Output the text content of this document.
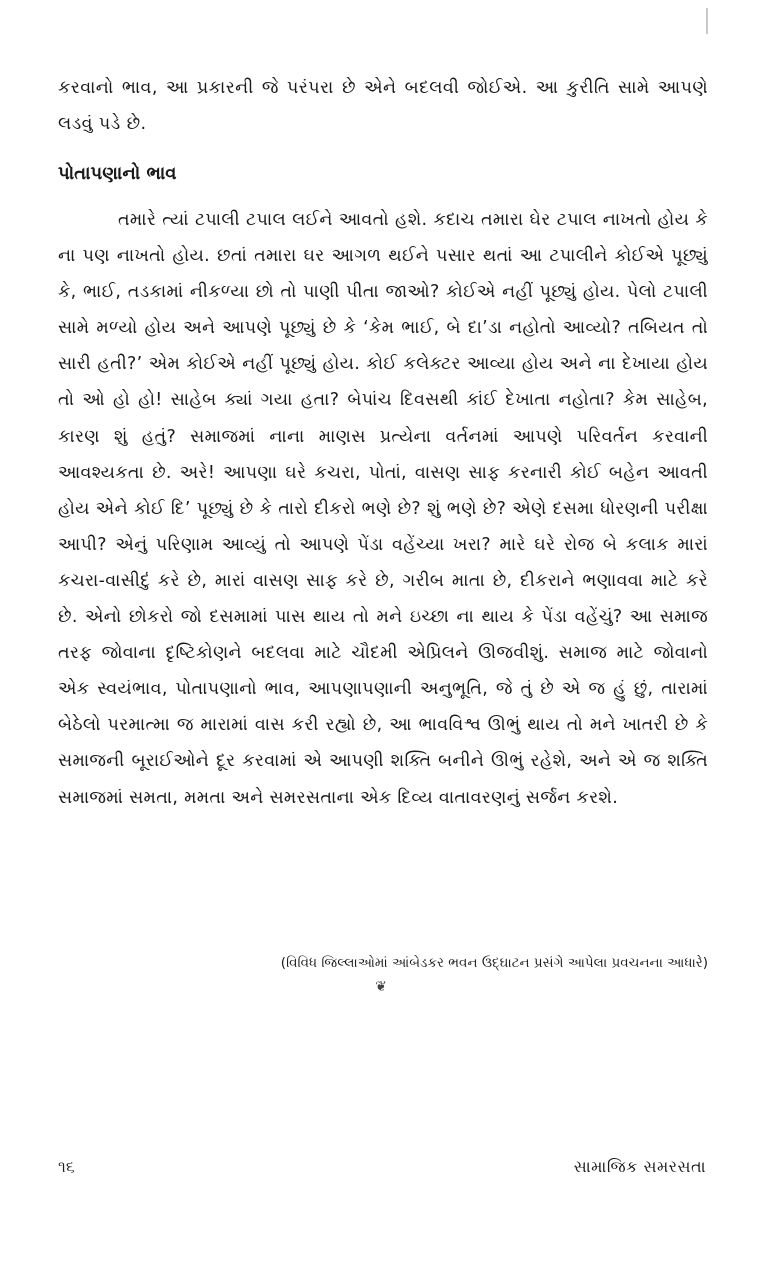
કરવાનો ભાવ, આ પ્રકારની જે પરંપરા છે એને બદલવી જોઈએ. આ કુરીતિ સામે આપણે લડવું પડે છે.

પોતાપણાનો ભાવ

તમારે ત્યાં ટપાલી ટપાલ લઈને આવતો હશે. કદાચ તમારા ઘેર ટપાલ નાખતો હોય કે ના પણ નાખતો હોય. છતાં તમારા ઘર આગળ થઈને પસાર થતાં આ ટપાલીને કોઈએ પૂછ્યું કે, ભાઈ, તડકામાં નીકળ્યા છો તો પાણી પીતા જાઓ? કોઈએ નહીં પૂછ્યું હોય. પેલો ટપાલી સામે મળ્યો હોય અને આપણે પૂછ્યું છે કે ‘કેમ ભાઈ, બે દા’ડા નહોતો આવ્યો? તબિયત તો સારી હતી?’ એમ કોઈએ નહીં પૂછ્યું હોય. કોઈ કલેક્ટર આવ્યા હોય અને ના દેખાયા હોય તો ઓ હો હો! સાહેબ ક્યાં ગયા હતા? બેપાંચ દિવસથી કાંઈ દેખાતા નહોતા? કેમ સાહેબ, કારણ શું હતું? સમાજમાં નાના માણસ પ્રત્યેના વર્તનમાં આપણે પરિવર્તન કરવાની આવશ્યકતા છે. અરે! આપણા ઘરે કચરા, પોતાં, વાસણ સાફ કરનારી કોઈ બહેન આવતી હોય એને કોઈ દિ’ પૂછ્યું છે કે તારો દીકરો ભણે છે? શું ભણે છે? એણે દસમા ધોરણની પરીક્ષા આપી? એનું પરિણામ આવ્યું તો આપણે પેંડા વહેંચ્યા ખરા? મારે ઘરે રોજ બે કલાક મારાં કચરા-વાસીદું કરે છે, મારાં વાસણ સાફ કરે છે, ગરીબ માતા છે, દીકરાને ભણાવવા માટે કરે છે. એનો છોકરો જો દસમામાં પાસ થાય તો મને ઇચ્છા ના થાય કે પેંડા વહેંચું? આ સમાજ તરફ જોવાના દૃષ્ટિકોણને બદલવા માટે ચૌદમી એપ્રિલને ઊજવીશું. સમાજ માટે જોવાનો એક સ્વયંભાવ, પોતાપણાનો ભાવ, આપણાપણાની અનુભૂતિ, જે તું છે એ જ હું છું, તારામાં બેઠેલો પરમાત્મા જ મારામાં વાસ કરી રહ્યો છે, આ ભાવવિશ્વ ઊભું થાય તો મને ખાતરી છે કે સમાજની બૂરાઈઓને દૂર કરવામાં એ આપણી શક્તિ બનીને ઊભું રહેશે, અને એ જ શક્તિ સમાજમાં સમતા, મમતા અને સમરસતાના એક દિવ્ય વાતાવરણનું સર્જન કરશે.

(વિવિધ જિલ્લાઓમાં આંબેડકર ભવન ઉદ્ઘાટન પ્રસંગે આપેલા પ્રવચનના આધારે)

❦

૧૬	સામાજિક સમરસતા
